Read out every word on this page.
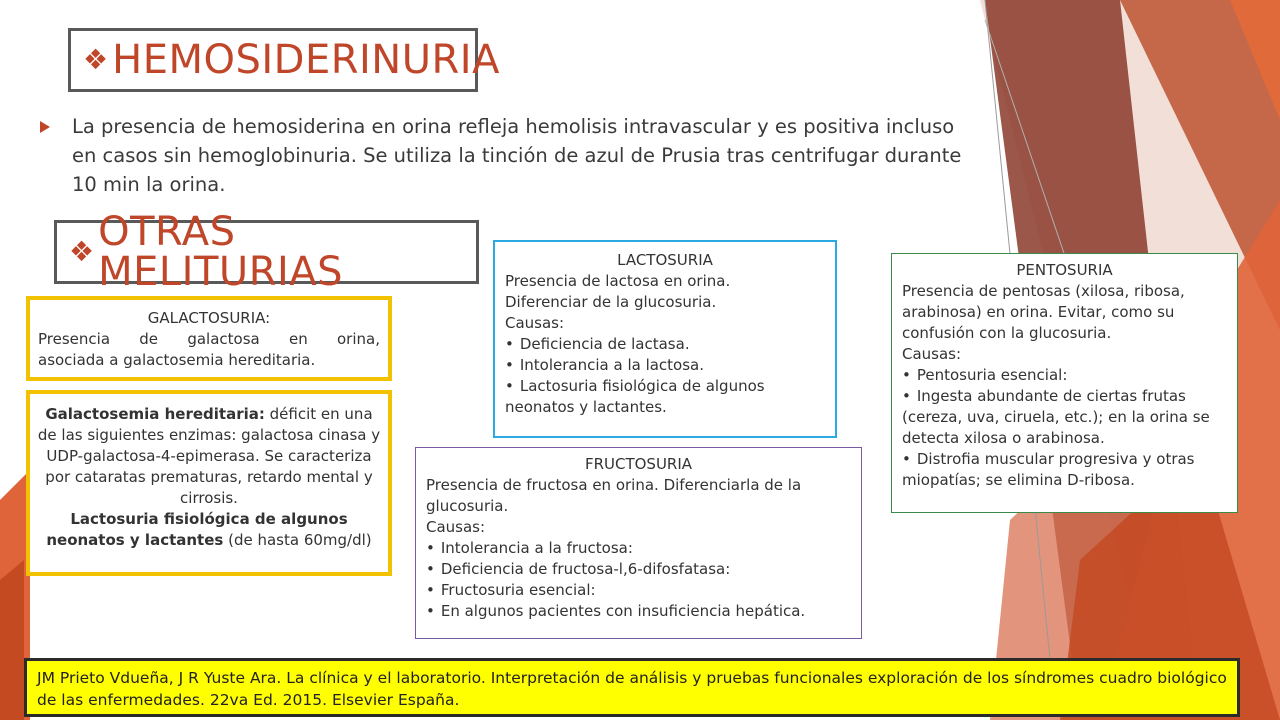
❖ HEMOSIDERINURIA
La presencia de hemosiderina en orina refleja hemolisis intravascular y es positiva incluso en casos sin hemoglobinuria. Se utiliza la tinción de azul de Prusia tras centrifugar durante 10 min la orina.
❖ OTRAS MELITURIAS
GALACTOSURIA:
Presencia de galactosa en orina,
asociada a galactosemia hereditaria.
Galactosemia hereditaria: déficit en una de las siguientes enzimas: galactosa cinasa y UDP-galactosa-4-epimerasa. Se caracteriza por cataratas prematuras, retardo mental y cirrosis.
Lactosuria fisiológica de algunos neonatos y lactantes (de hasta 60mg/dl)
LACTOSURIA
Presencia de lactosa en orina.
Diferenciar de la glucosuria.
Causas:
• Deficiencia de lactasa.
• Intolerancia a la lactosa.
• Lactosuria fisiológica de algunos neonatos y lactantes.
FRUCTOSURIA
Presencia de fructosa en orina. Diferenciarla de la glucosuria.
Causas:
• Intolerancia a la fructosa:
• Deficiencia de fructosa-l,6-difosfatasa:
• Fructosuria esencial:
• En algunos pacientes con insuficiencia hepática.
PENTOSURIA
Presencia de pentosas (xilosa, ribosa, arabinosa) en orina. Evitar, como su confusión con la glucosuria.
Causas:
• Pentosuria esencial:
• Ingesta abundante de ciertas frutas (cereza, uva, ciruela, etc.); en la orina se detecta xilosa o arabinosa.
• Distrofia muscular progresiva y otras miopatías; se elimina D-ribosa.
JM Prieto Vdueña, J R Yuste Ara. La clínica y el laboratorio. Interpretación de análisis y pruebas funcionales exploración de los síndromes cuadro biológico de las enfermedades. 22va Ed. 2015. Elsevier España.
